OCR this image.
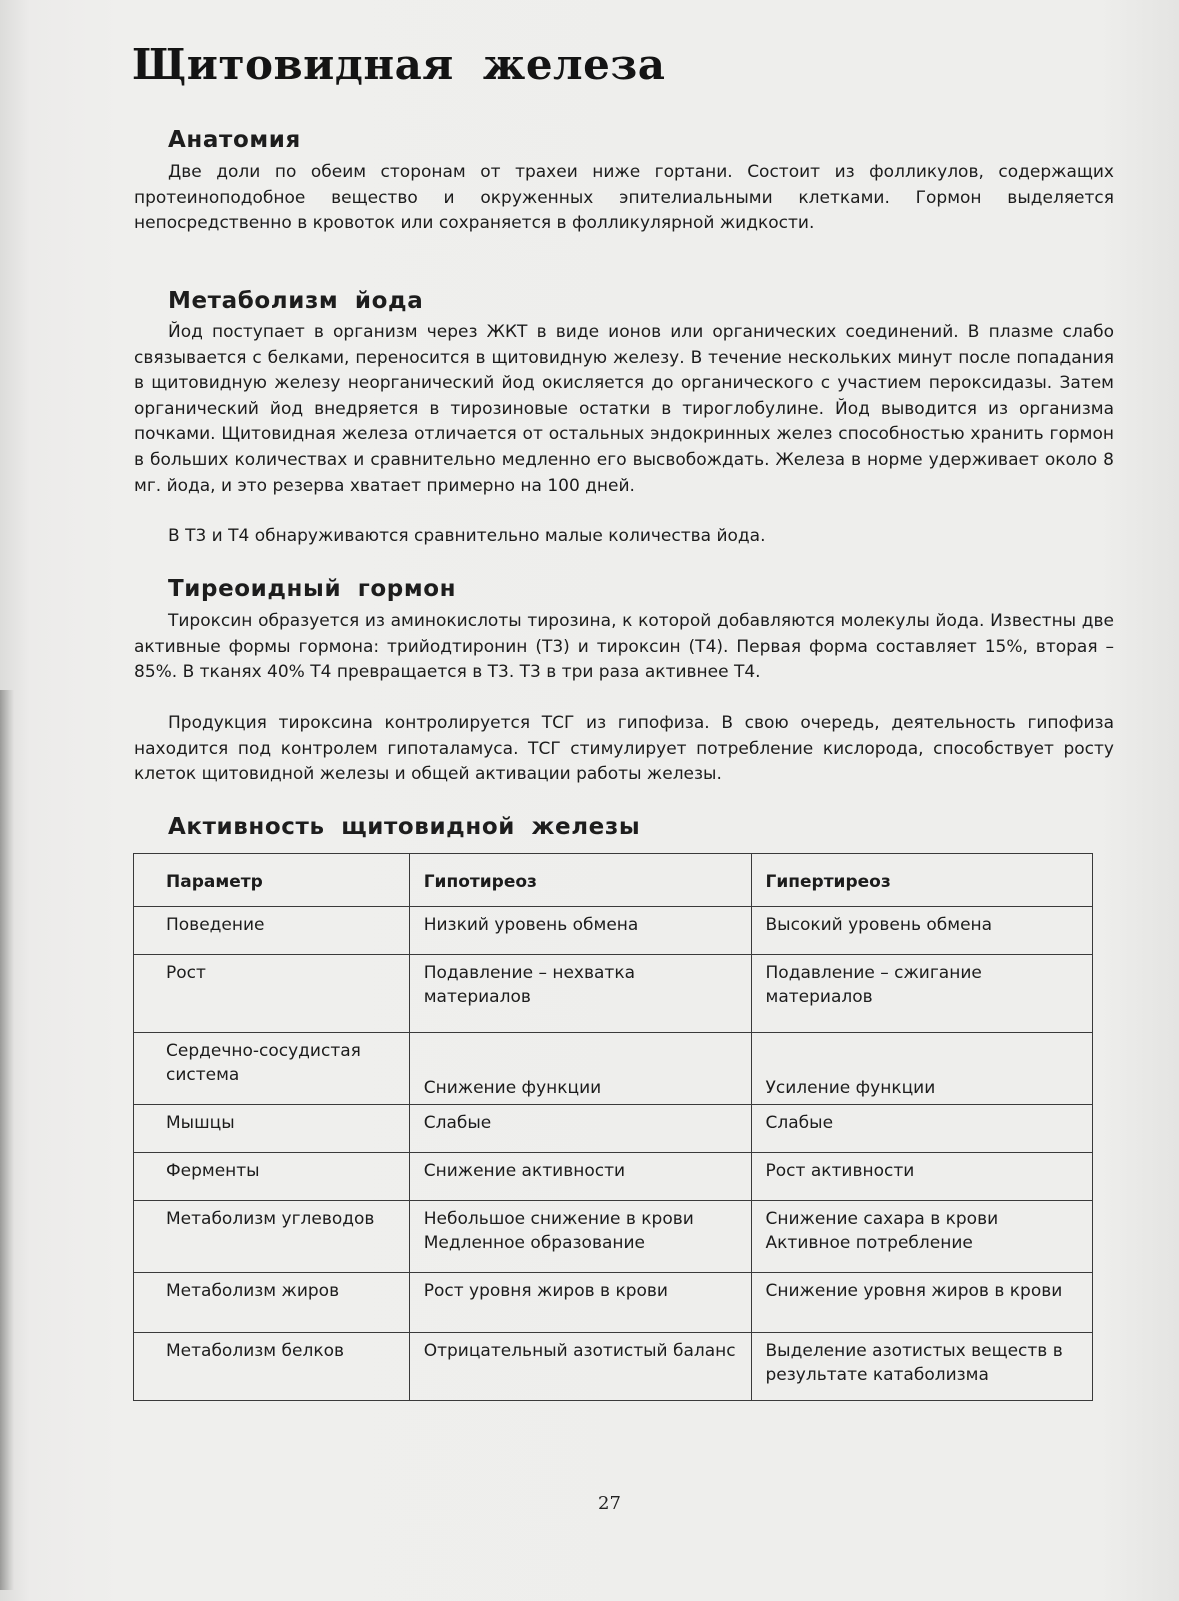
Щитовидная железа
Анатомия

Две доли по обеим сторонам от трахеи ниже гортани. Состоит из фолликулов, содержащих протеиноподобное вещество и окруженных эпителиальными клетками. Гормон выделяется непосредственно в кровоток или сохраняется в фолликулярной жидкости.

Метаболизм йода

Йод поступает в организм через ЖКТ в виде ионов или органических соединений. В плазме слабо связывается с белками, переносится в щитовидную железу. В течение нескольких минут после попадания в щитовидную железу неорганический йод окисляется до органического с участием пероксидазы. Затем органический йод внедряется в тирозиновые остатки в тироглобулине. Йод выводится из организма почками. Щитовидная железа отличается от остальных эндокринных желез способностью хранить гормон в больших количествах и сравнительно медленно его высвобождать. Железа в норме удерживает около 8 мг. йода, и это резерва хватает примерно на 100 дней.

В Т3 и Т4 обнаруживаются сравнительно малые количества йода.

Тиреоидный гормон

Тироксин образуется из аминокислоты тирозина, к которой добавляются молекулы йода. Известны две активные формы гормона: трийодтиронин (Т3) и тироксин (Т4). Первая форма составляет 15%, вторая – 85%. В тканях 40% Т4 превращается в Т3. Т3 в три раза активнее Т4.

Продукция тироксина контролируется ТСГ из гипофиза. В свою очередь, деятельность гипофиза находится под контролем гипоталамуса. ТСГ стимулирует потребление кислорода, способствует росту клеток щитовидной железы и общей активации работы железы.

Активность щитовидной железы
Параметр	Гипотиреоз	Гипертиреоз
Поведение	Низкий уровень обмена	Высокий уровень обмена
Рост	Подавление – нехватка материалов	Подавление – сжигание материалов
Сердечно-сосудистая система	Снижение функции	Усиление функции
Мышцы	Слабые	Слабые
Ферменты	Снижение активности	Рост активности
Метаболизм углеводов	Небольшое снижение в крови Медленное образование	Снижение сахара в крови Активное потребление
Метаболизм жиров	Рост уровня жиров в крови	Снижение уровня жиров в крови
Метаболизм белков	Отрицательный азотистый баланс	Выделение азотистых веществ в результате катаболизма
27
